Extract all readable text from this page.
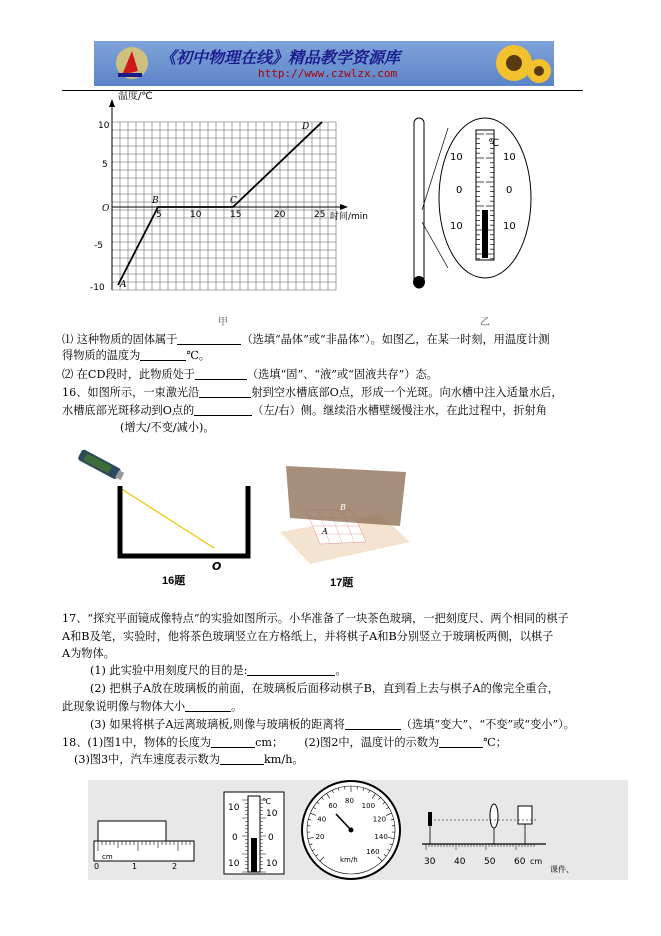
《初中物理在线》精品教学资源库
http://www.czwlzx.com
温度/℃
时间/min
10
5
O
-5
-10
5	10	15	20	25
A
B	C
D
甲
℃
10	10
0	0
10	10
乙
⑴ 这种物质的固体属于	（选填“晶体”或“非晶体”）。如图乙，在某一时刻，用温度计测
得物质的温度为	℃。
⑵ 在CD段时，此物质处于	（选填“固”、“液”或“固液共存”）态。
16、如图所示，一束激光沿	射到空水槽底部O点，形成一个光斑。向水槽中注入适量水后，
水槽底部光斑移动到O点的	（左/右）侧。继续沿水槽壁缓慢注水，在此过程中，折射角
(增大/不变/减小)。
O
16题
B
A
17题
17、“探究平面镜成像特点”的实验如图所示。小华准备了一块茶色玻璃，一把刻度尺、两个相同的棋子
A和B及笔，实验时，他将茶色玻璃竖立在方格纸上，并将棋子A和B分别竖立于玻璃板两侧，以棋子
A为物体。
(1) 此实验中用刻度尺的目的是:	。
(2) 把棋子A放在玻璃板的前面，在玻璃板后面移动棋子B，直到看上去与棋子A的像完全重合，
此现象说明像与物体大小	。
(3) 如果将棋子A远离玻璃板,则像与玻璃板的距离将	（选填“变大”、“不变”或“变小”）。
18、(1)图1中，物体的长度为	cm； (2)图2中，温度计的示数为	℃；
(3)图3中，汽车速度表示数为	km/h。
0
cm
1	2
℃
10
10
0	0
10	10
20
40
60
80
100
120
140
160
km/h	30 40 50 60 cm
课件、
